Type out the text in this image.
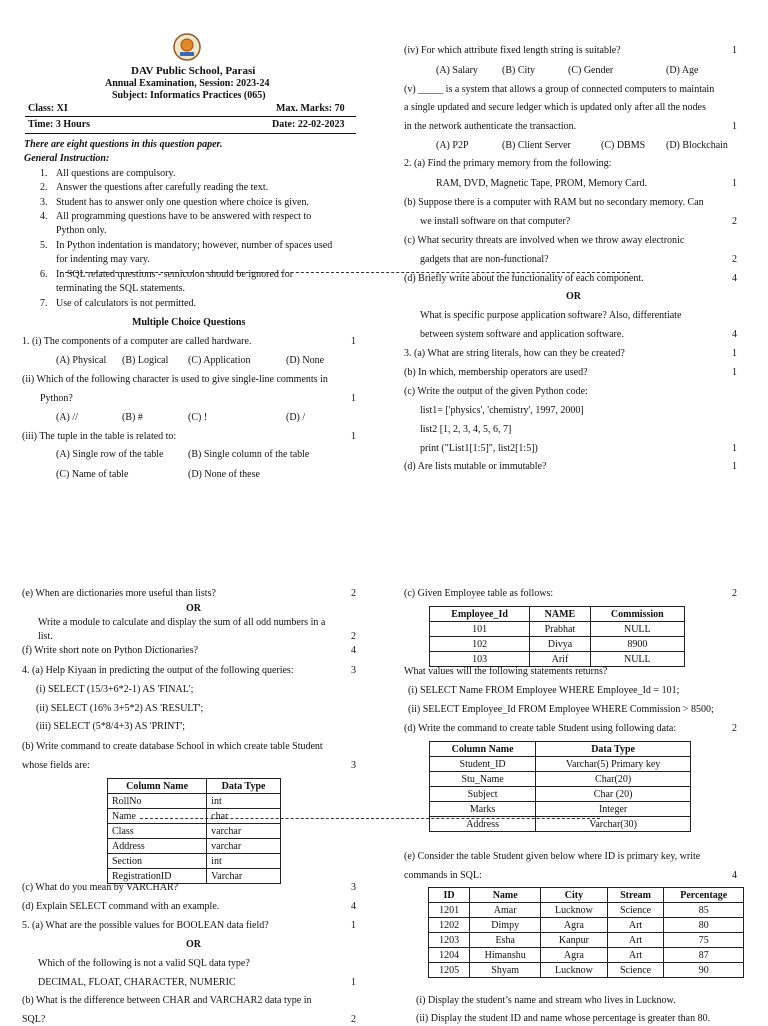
DAV Public School, Parasi
Annual Examination, Session: 2023-24
Subject: Informatics Practices (065)
Class: XI	Max. Marks: 70
Time: 3 Hours	Date: 22-02-2023
There are eight questions in this question paper.
General Instruction:
1. All questions are compulsory.
2. Answer the questions after carefully reading the text.
3. Student has to answer only one question where choice is given.
4. All programming questions have to be answered with respect to
Python only.
5. In Python indentation is mandatory; however, number of spaces used
for indenting may vary.
6. In SQL related questions - semicolon should be ignored for
terminating the SQL statements.
7. Use of calculators is not permitted.
Multiple Choice Questions
1. (i) The components of a computer are called hardware.	1
(A) Physical (B) Logical (C) Application	(D) None
(ii) Which of the following character is used to give single-line comments in
Python?	1
(A) //	(B) #	(C) !	(D) /
(iii) The tuple in the table is related to:	1
(A) Single row of the table (B) Single column of the table
(C) Name of table	(D) None of these
(iv) For which attribute fixed length string is suitable?	1
(A) Salary (B) City	(C) Gender	(D) Age
(v) _____ is a system that allows a group of connected computers to maintain
a single updated and secure ledger which is updated only after all the nodes
in the network authenticate the transaction.	1
(A) P2P	(B) Client Server	(C) DBMS (D) Blockchain
2. (a) Find the primary memory from the following:
RAM, DVD, Magnetic Tape, PROM, Memory Card.	1
(b) Suppose there is a computer with RAM but no secondary memory. Can
we install software on that computer?	2
(c) What security threats are involved when we throw away electronic
gadgets that are non-functional?	2
(d) Briefly write about the functionality of each component.	4
OR
What is specific purpose application software? Also, differentiate
between system software and application software.	4
3. (a) What are string literals, how can they be created?	1
(b) In which, membership operators are used?	1
(c) Write the output of the given Python code:
list1= ['physics', 'chemistry', 1997, 2000]
list2 [1, 2, 3, 4, 5, 6, 7]
print ("List1[1:5]", list2[1:5])	1
(d) Are lists mutable or immutable?	1
(e) When are dictionaries more useful than lists?	2
OR
Write a module to calculate and display the sum of all odd numbers in a
list.	2
(f) Write short note on Python Dictionaries?	4
4. (a) Help Kiyaan in predicting the output of the following queries:	3
(i) SELECT (15/3+6*2-1) AS 'FINAL';
(ii) SELECT (16% 3+5*2) AS 'RESULT';
(iii) SELECT (5*8/4+3) AS 'PRINT';
(b) Write command to create database School in which create table Student
whose fields are:	3
Column Name	Data Type
RollNo	int
Name	char
Class	varchar
Address	varchar
Section	int
RegistrationID	Varchar
(c) What do you mean by VARCHAR?	3
(d) Explain SELECT command with an example.	4
5. (a) What are the possible values for BOOLEAN data field?	1
OR
Which of the following is not a valid SQL data type?
DECIMAL, FLOAT, CHARACTER, NUMERIC	1
(b) What is the difference between CHAR and VARCHAR2 data type in
SQL?	2
(c) Given Employee table as follows:	2
Employee_Id	NAME	Commission
101	Prabhat	NULL
102	Divya	8900
103	Arif	NULL
What values will the following statements returns?
(i) SELECT Name FROM Employee WHERE Employee_Id = 101;
(ii) SELECT Employee_Id FROM Employee WHERE Commission > 8500;
(d) Write the command to create table Student using following data:	2
Column Name	Data Type
Student_ID	Varchar(5) Primary key
Stu_Name	Char(20)
Subject	Char (20)
Marks	Integer
Address	Varchar(30)
(e) Consider the table Student given below where ID is primary key, write
commands in SQL:	4
ID	Name	City	Stream	Percentage
1201	Amar	Lucknow	Science	85
1202	Dimpy	Agra	Art	80
1203	Esha	Kanpur	Art	75
1204	Himanshu	Agra	Art	87
1205	Shyam	Lucknow	Science	90
(i) Display the student’s name and stream who lives in Lucknow.
(ii) Display the student ID and name whose percentage is greater than 80.
